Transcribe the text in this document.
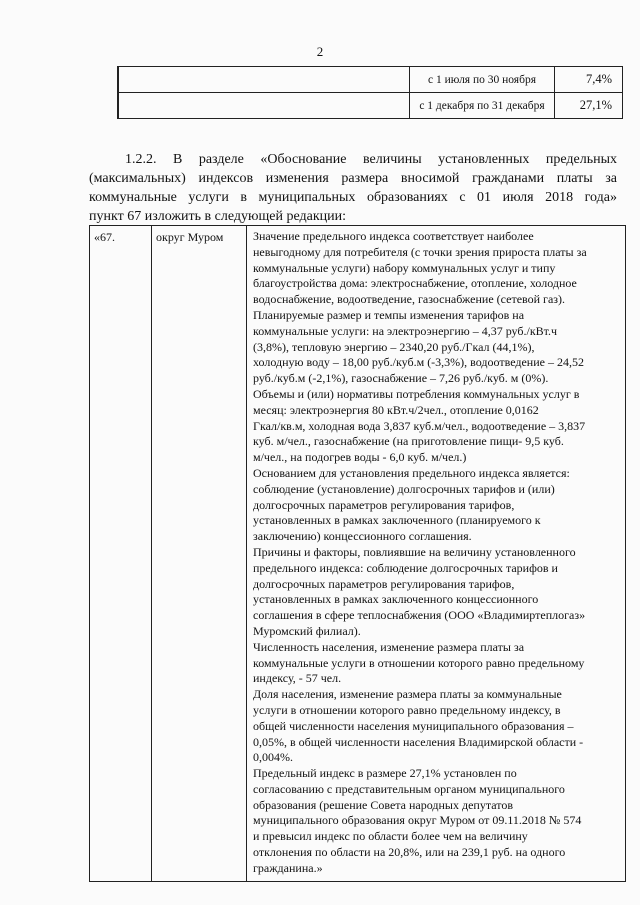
2
		с 1 июля по 30 ноября	7,4%
		с 1 декабря по 31 декабря	27,1%
1.2.2. В разделе «Обоснование величины установленных предельных
(максимальных) индексов изменения размера вносимой гражданами платы за
коммунальные услуги в муниципальных образованиях с 01 июля 2018 года»
пункт 67 изложить в следующей редакции:
«67.	округ Муром	Значение предельного индекса соответствует наиболее
невыгодному для потребителя (с точки зрения прироста платы за
коммунальные услуги) набору коммунальных услуг и типу
благоустройства дома: электроснабжение, отопление, холодное
водоснабжение, водоотведение, газоснабжение (сетевой газ).
Планируемые размер и темпы изменения тарифов на
коммунальные услуги: на электроэнергию – 4,37 руб./кВт.ч
(3,8%), тепловую энергию – 2340,20 руб./Гкал (44,1%),
холодную воду – 18,00 руб./куб.м (-3,3%), водоотведение – 24,52
руб./куб.м (-2,1%), газоснабжение – 7,26 руб./куб. м (0%).
Объемы и (или) нормативы потребления коммунальных услуг в
месяц: электроэнергия 80 кВт.ч/2чел., отопление 0,0162
Гкал/кв.м, холодная вода 3,837 куб.м/чел., водоотведение – 3,837
куб. м/чел., газоснабжение (на приготовление пищи- 9,5 куб.
м/чел., на подогрев воды - 6,0 куб. м/чел.)
Основанием для установления предельного индекса является:
соблюдение (установление) долгосрочных тарифов и (или)
долгосрочных параметров регулирования тарифов,
установленных в рамках заключенного (планируемого к
заключению) концессионного соглашения.
Причины и факторы, повлиявшие на величину установленного
предельного индекса: соблюдение долгосрочных тарифов и
долгосрочных параметров регулирования тарифов,
установленных в рамках заключенного концессионного
соглашения в сфере теплоснабжения (ООО «Владимиртеплогаз»
Муромский филиал).
Численность населения, изменение размера платы за
коммунальные услуги в отношении которого равно предельному
индексу, - 57 чел.
Доля населения, изменение размера платы за коммунальные
услуги в отношении которого равно предельному индексу, в
общей численности населения муниципального образования –
0,05%, в общей численности населения Владимирской области -
0,004%.
Предельный индекс в размере 27,1% установлен по
согласованию с представительным органом муниципального
образования (решение Совета народных депутатов
муниципального образования округ Муром от 09.11.2018 № 574
и превысил индекс по области более чем на величину
отклонения по области на 20,8%, или на 239,1 руб. на одного
гражданина.»
